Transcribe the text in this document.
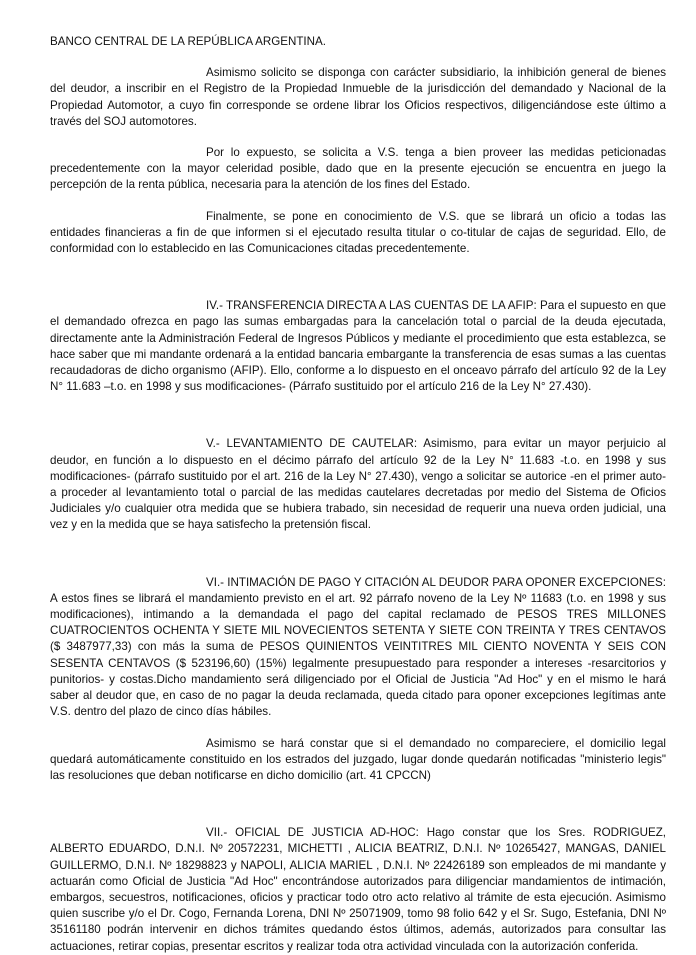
BANCO CENTRAL DE LA REPÚBLICA ARGENTINA.

Asimismo solicito se disponga con carácter subsidiario, la inhibición general de bienes del deudor, a inscribir en el Registro de la Propiedad Inmueble de la jurisdicción del demandado y Nacional de la Propiedad Automotor, a cuyo fin corresponde se ordene librar los Oficios respectivos, diligenciándose este último a través del SOJ automotores.

Por lo expuesto, se solicita a V.S. tenga a bien proveer las medidas peticionadas precedentemente con la mayor celeridad posible, dado que en la presente ejecución se encuentra en juego la percepción de la renta pública, necesaria para la atención de los fines del Estado.

Finalmente, se pone en conocimiento de V.S. que se librará un oficio a todas las entidades financieras a fin de que informen si el ejecutado resulta titular o co-titular de cajas de seguridad. Ello, de conformidad con lo establecido en las Comunicaciones citadas precedentemente.

IV.- TRANSFERENCIA DIRECTA A LAS CUENTAS DE LA AFIP: Para el supuesto en que el demandado ofrezca en pago las sumas embargadas para la cancelación total o parcial de la deuda ejecutada, directamente ante la Administración Federal de Ingresos Públicos y mediante el procedimiento que esta establezca, se hace saber que mi mandante ordenará a la entidad bancaria embargante la transferencia de esas sumas a las cuentas recaudadoras de dicho organismo (AFIP). Ello, conforme a lo dispuesto en el onceavo párrafo del artículo 92 de la Ley N° 11.683 –t.o. en 1998 y sus modificaciones- (Párrafo sustituido por el artículo 216 de la Ley N° 27.430).

V.- LEVANTAMIENTO DE CAUTELAR: Asimismo, para evitar un mayor perjuicio al deudor, en función a lo dispuesto en el décimo párrafo del artículo 92 de la Ley N° 11.683 -t.o. en 1998 y sus modificaciones- (párrafo sustituido por el art. 216 de la Ley N° 27.430), vengo a solicitar se autorice -en el primer auto- a proceder al levantamiento total o parcial de las medidas cautelares decretadas por medio del Sistema de Oficios Judiciales y/o cualquier otra medida que se hubiera trabado, sin necesidad de requerir una nueva orden judicial, una vez y en la medida que se haya satisfecho la pretensión fiscal.

VI.- INTIMACIÓN DE PAGO Y CITACIÓN AL DEUDOR PARA OPONER EXCEPCIONES: A estos fines se librará el mandamiento previsto en el art. 92 párrafo noveno de la Ley Nº 11683 (t.o. en 1998 y sus modificaciones), intimando a la demandada el pago del capital reclamado de PESOS TRES MILLONES CUATROCIENTOS OCHENTA Y SIETE MIL NOVECIENTOS SETENTA Y SIETE CON TREINTA Y TRES CENTAVOS ($ 3487977,33) con más la suma de PESOS QUINIENTOS VEINTITRES MIL CIENTO NOVENTA Y SEIS CON SESENTA CENTAVOS ($ 523196,60) (15%) legalmente presupuestado para responder a intereses -resarcitorios y punitorios- y costas.Dicho mandamiento será diligenciado por el Oficial de Justicia "Ad Hoc" y en el mismo le hará saber al deudor que, en caso de no pagar la deuda reclamada, queda citado para oponer excepciones legítimas ante V.S. dentro del plazo de cinco días hábiles.

Asimismo se hará constar que si el demandado no compareciere, el domicilio legal quedará automáticamente constituido en los estrados del juzgado, lugar donde quedarán notificadas "ministerio legis" las resoluciones que deban notificarse en dicho domicilio (art. 41 CPCCN)

VII.- OFICIAL DE JUSTICIA AD-HOC: Hago constar que los Sres. RODRIGUEZ, ALBERTO EDUARDO, D.N.I. Nº 20572231, MICHETTI , ALICIA BEATRIZ, D.N.I. Nº 10265427, MANGAS, DANIEL GUILLERMO, D.N.I. Nº 18298823 y NAPOLI, ALICIA MARIEL , D.N.I. Nº 22426189 son empleados de mi mandante y actuarán como Oficial de Justicia "Ad Hoc" encontrándose autorizados para diligenciar mandamientos de intimación, embargos, secuestros, notificaciones, oficios y practicar todo otro acto relativo al trámite de esta ejecución. Asimismo quien suscribe y/o el Dr. Cogo, Fernanda Lorena, DNI Nº 25071909, tomo 98 folio 642 y el Sr. Sugo, Estefania, DNI Nº 35161180 podrán intervenir en dichos trámites quedando éstos últimos, además, autorizados para consultar las actuaciones, retirar copias, presentar escritos y realizar toda otra actividad vinculada con la autorización conferida.
